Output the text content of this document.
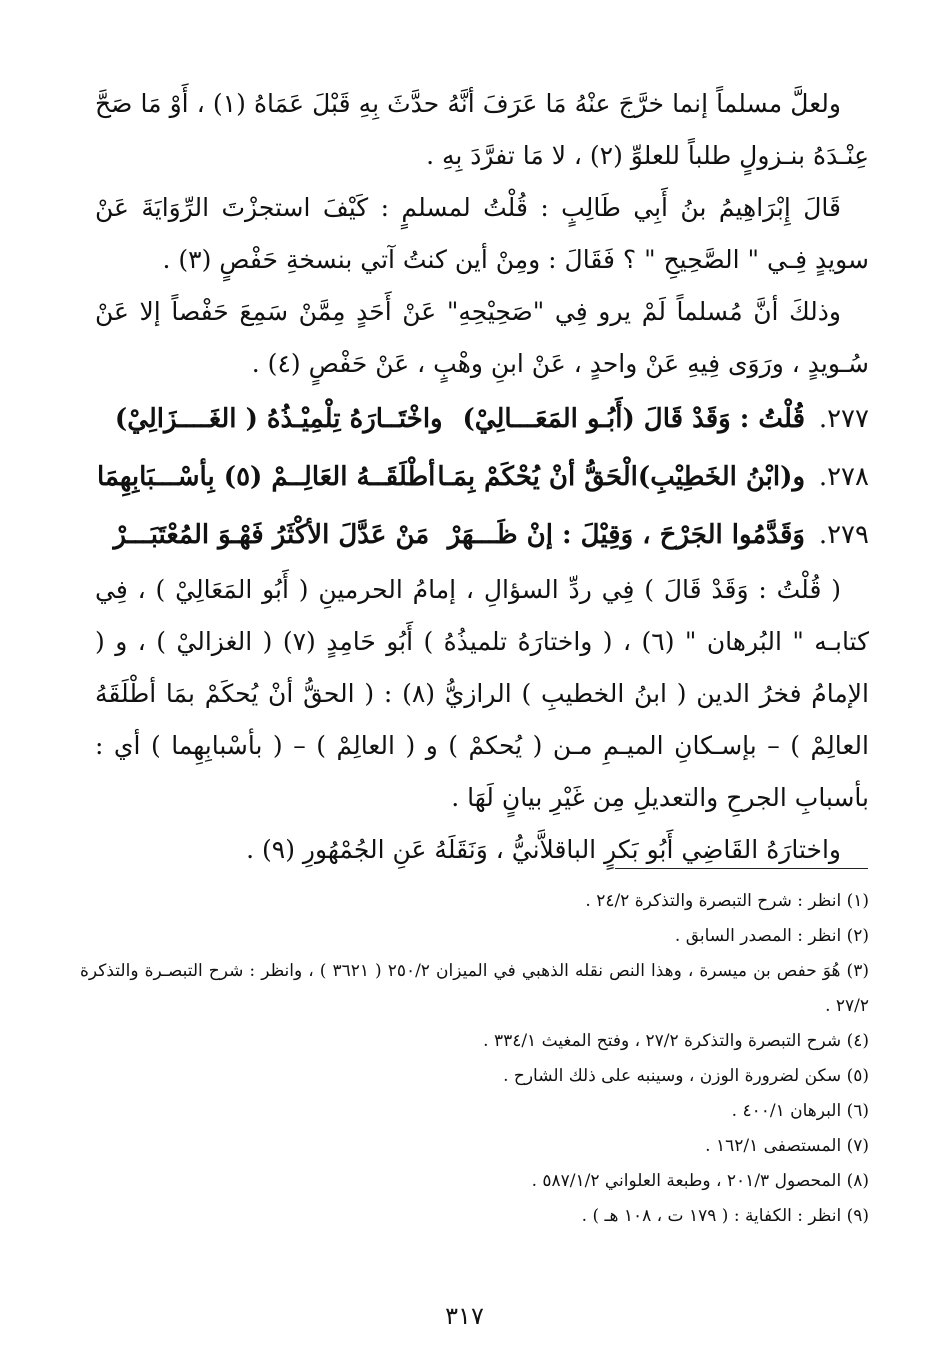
ولعلَّ مسلماً إنما خرَّجَ عنْهُ مَا عَرَفَ أنَّهُ حدَّثَ بِهِ قَبْلَ عَمَاهُ (١) ، أَوْ مَا صَحَّ عِنْـدَهُ بنـزولٍ طلباً للعلوِّ (٢) ، لا مَا تفرَّدَ بِهِ .

قَالَ إِبْرَاهِيمُ بنُ أَبِي طَالِبٍ : قُلْتُ لمسلمٍ : كَيْفَ استجزْتَ الرِّوَايَةَ عَنْ سويدٍ فِـي " الصَّحِيحِ " ؟ فَقَالَ : ومِنْ أين كنتُ آتي بنسخةِ حَفْصٍ (٣) .

وذلكَ أنَّ مُسلماً لَمْ يرو فِي "صَحِيْحِهِ" عَنْ أَحَدٍ مِمَّنْ سَمِعَ حَفْصاً إلا عَنْ سُـويدٍ ، ورَوَى فِيهِ عَنْ واحدٍ ، عَنْ ابنِ وهْبٍ ، عَنْ حَفْصٍ (٤) .

٢٧٧.
قُلْتُ : وَقَدْ قَالَ (أَبُـو المَعَـــالِيْ)
واخْتَــارَهُ تِلْمِيْـذُهُ ( الغَــــزَالِيْ)
٢٧٨.
و(ابْنُ الخَطِيْبِ)الْحَقُّ أنْ يُحْكَمْ بِمَـا
أطْلَقَــهُ العَالِــمْ (٥) بِأسْـــبَابِهِمَا
٢٧٩.
وَقَدَّمُوا الجَرْحَ ، وَقِيْلَ : إنْ ظَـــهَرْ
مَنْ عَدَّلَ الأكْثَرُ فَهْـوَ المُعْتَبَـــرْ

( قُلْتُ : وَقَدْ قَالَ ) فِي ردِّ السؤالِ ، إمامُ الحرمينِ ( أَبُو المَعَالِيْ ) ، فِي كتابـه " البُرهان " (٦) ، ( واختارَهُ تلميذُهُ ) أَبُو حَامِدٍ (٧) ( الغزاليْ ) ، و ( الإمامُ فخرُ الدين ( ابنُ الخطيبِ ) الرازيُّ (٨) : ( الحقُّ أنْ يُحكَمْ بمَا أطْلَقَهُ العالِمْ ) – بإسـكانِ الميـمِ مـن ( يُحكمْ ) و ( العالِمْ ) – ( بأسْبابِهِما ) أي : بأسبابِ الجرحِ والتعديلِ مِن غَيْرِ بيانٍ لَهَا .

واختارَهُ القَاضِي أَبُو بَكرٍ الباقلاَّنيُّ ، وَنَقَلَهُ عَنِ الجُمْهُورِ (٩) .

(١) انظر : شرح التبصرة والتذكرة ٢٤/٢ .
(٢) انظر : المصدر السابق .
(٣) هُوَ حفص بن ميسرة ، وهذا النص نقله الذهبي في الميزان ٢٥٠/٢ ( ٣٦٢١ ) ، وانظر : شرح التبصـرة والتذكرة ٢٧/٢ .
(٤) شرح التبصرة والتذكرة ٢٧/٢ ، وفتح المغيث ٣٣٤/١ .
(٥) سكن لضرورة الوزن ، وسينبه على ذلك الشارح .
(٦) البرهان ٤٠٠/١ .
(٧) المستصفى ١٦٢/١ .
(٨) المحصول ٢٠١/٣ ، وطبعة العلواني ٥٨٧/١/٢ .
(٩) انظر : الكفاية : ( ١٧٩ ت ، ١٠٨ هـ ) .
٣١٧
